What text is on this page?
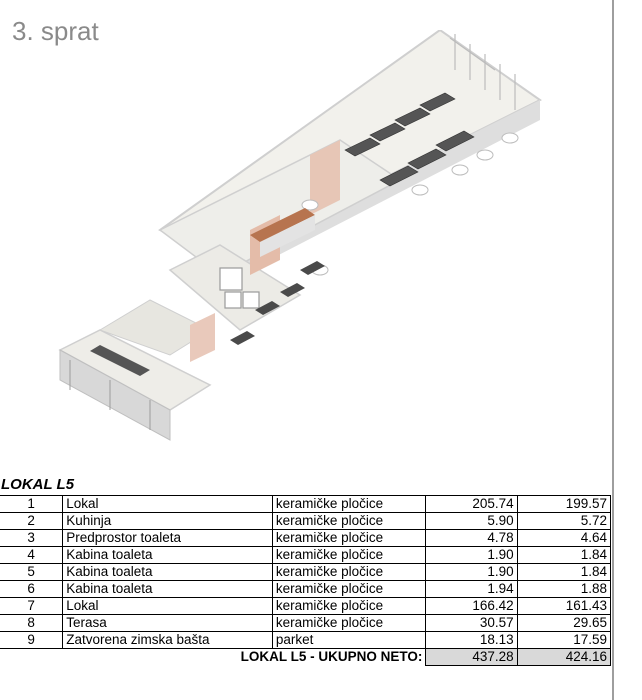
3. sprat
LOKAL L5
1	Lokal	keramičke pločice	205.74	199.57
2	Kuhinja	keramičke pločice	5.90	5.72
3	Predprostor toaleta	keramičke pločice	4.78	4.64
4	Kabina toaleta	keramičke pločice	1.90	1.84
5	Kabina toaleta	keramičke pločice	1.90	1.84
6	Kabina toaleta	keramičke pločice	1.94	1.88
7	Lokal	keramičke pločice	166.42	161.43
8	Terasa	keramičke pločice	30.57	29.65
9	Zatvorena zimska bašta	parket	18.13	17.59
LOKAL L5 - UKUPNO NETO:			437.28	424.16
